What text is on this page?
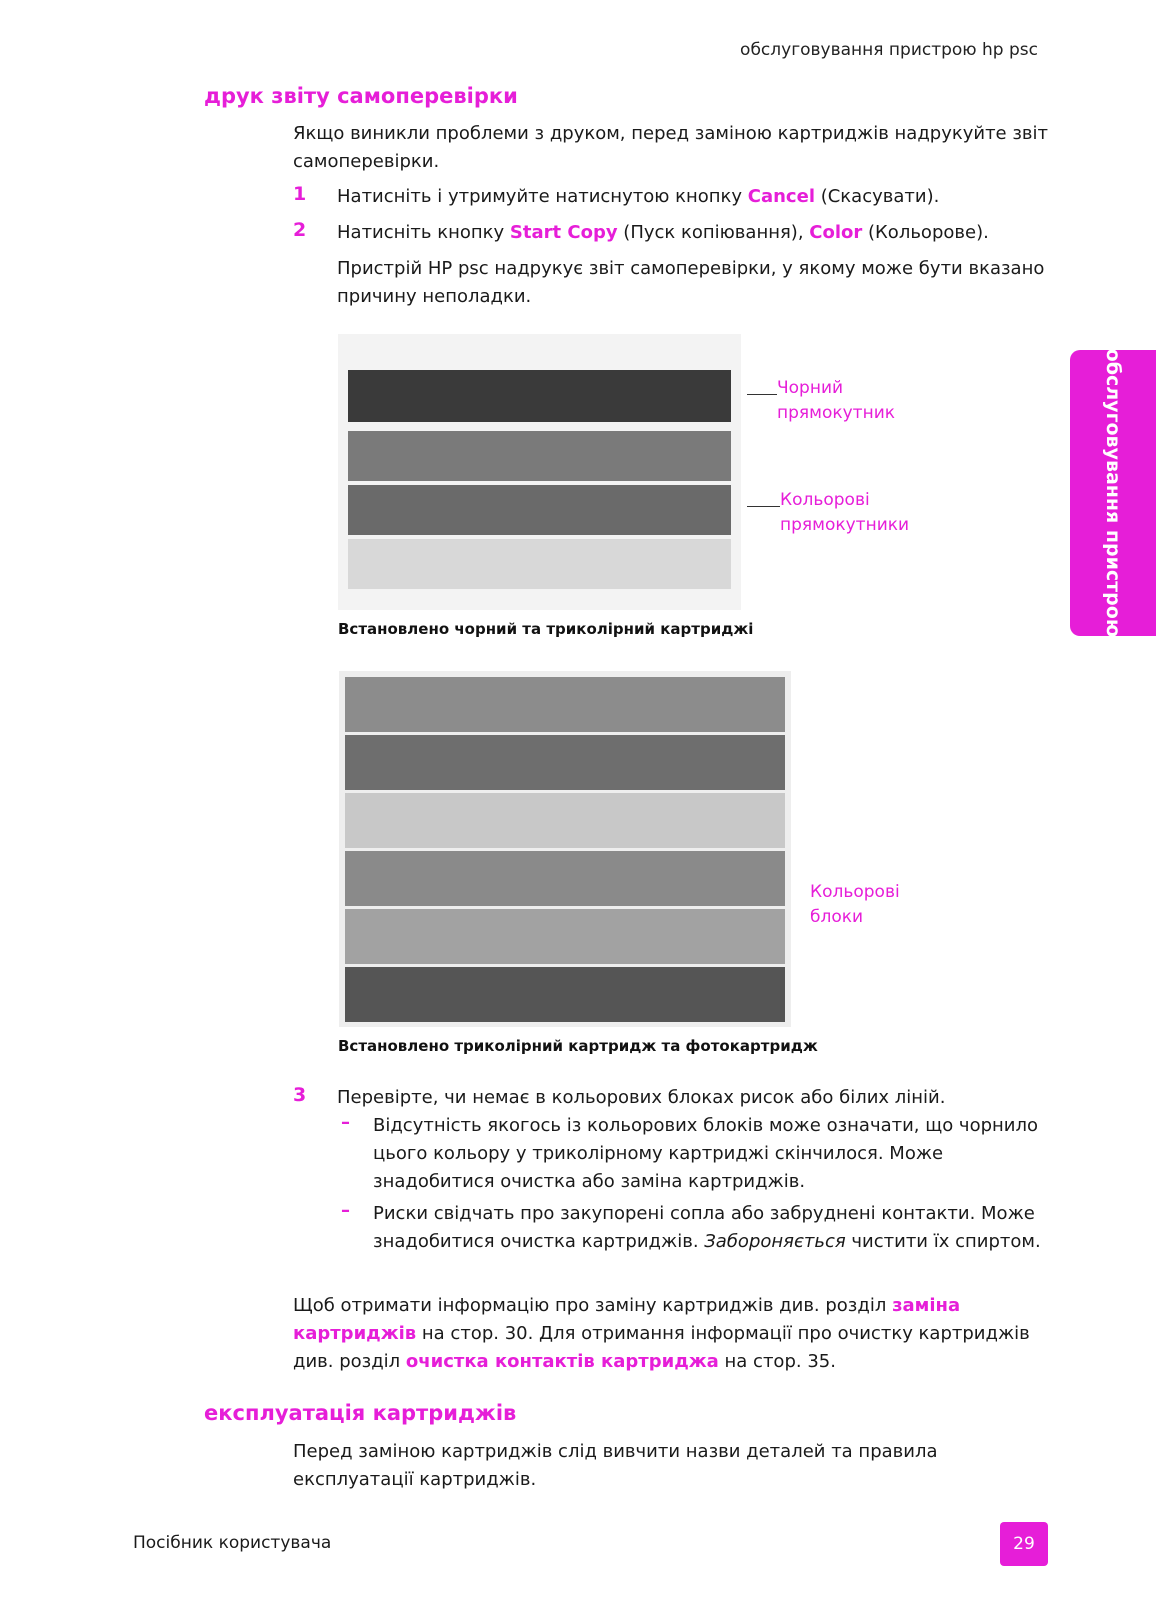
обслуговування пристрою hp psc
друк звіту самоперевірки
Якщо виникли проблеми з друком, перед заміною картриджів надрукуйте звіт самоперевірки.
1 Натисніть і утримуйте натиснутою кнопку Cancel (Скасувати).
2 Натисніть кнопку Start Copy (Пуск копіювання), Color (Кольорове).
Пристрій HP psc надрукує звіт самоперевірки, у якому може бути вказано причину неполадки.
Чорний
прямокутник
Кольорові
прямокутники
Встановлено чорний та триколірний картриджі
Кольорові
блоки
Встановлено триколірний картридж та фотокартридж
3 Перевірте, чи немає в кольорових блоках рисок або білих ліній.
– Відсутність якогось із кольорових блоків може означати, що чорнило цього кольору у триколірному картриджі скінчилося. Може знадобитися очистка або заміна картриджів.
– Риски свідчать про закупорені сопла або забруднені контакти. Може знадобитися очистка картриджів. Забороняється чистити їх спиртом.
Щоб отримати інформацію про заміну картриджів див. розділ заміна картриджів на стор. 30. Для отримання інформації про очистку картриджів див. розділ очистка контактів картриджа на стор. 35.
експлуатація картриджів
Перед заміною картриджів слід вивчити назви деталей та правила експлуатації картриджів.
обслуговування пристрою
Посібник користувача	29
